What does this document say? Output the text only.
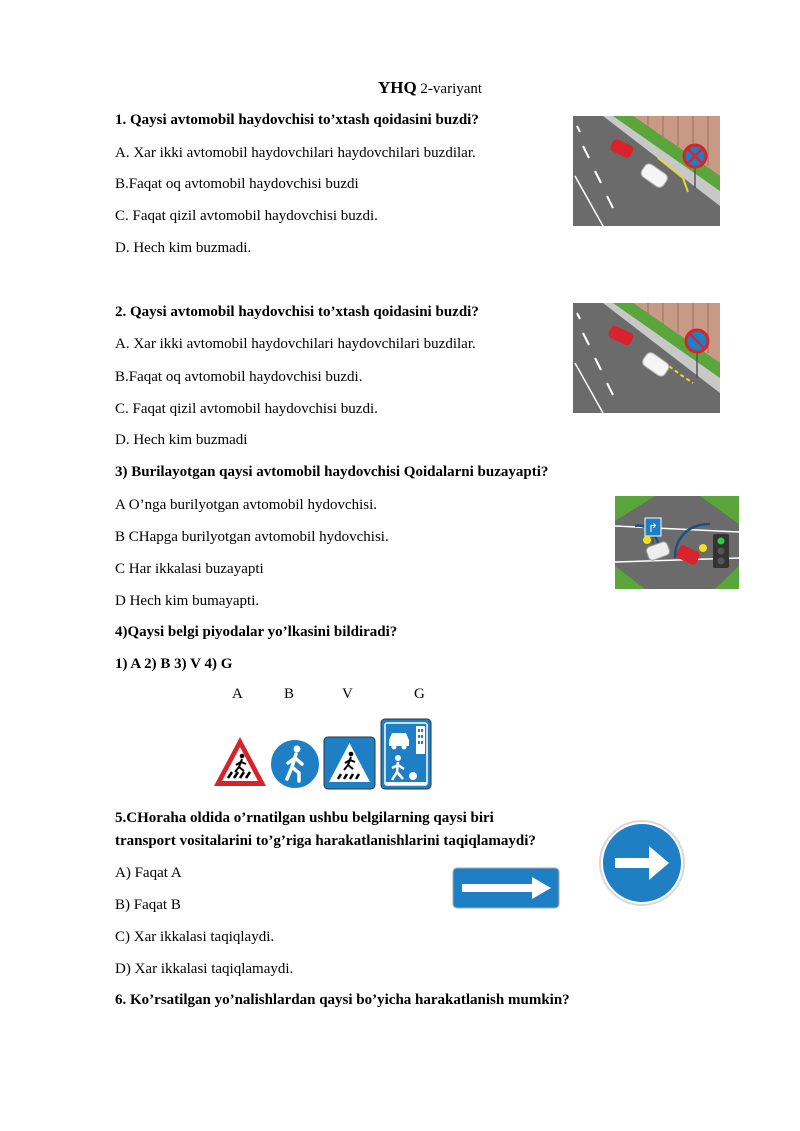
YHQ 2-variyant
1. Qaysi avtomobil haydovchisi to’xtash qoidasini buzdi?
A. Xar ikki avtomobil haydovchilari haydovchilari buzdilar.
B.Faqat oq avtomobil haydovchisi buzdi
C. Faqat qizil avtomobil haydovchisi buzdi.
D. Hech kim buzmadi.
2. Qaysi avtomobil haydovchisi to’xtash qoidasini buzdi?
A. Xar ikki avtomobil haydovchilari haydovchilari buzdilar.
B.Faqat oq avtomobil haydovchisi buzdi.
C. Faqat qizil avtomobil haydovchisi buzdi.
D. Hech kim buzmadi
3) Burilayotgan qaysi avtomobil haydovchisi Qoidalarni buzayapti?
A O’nga burilyotgan avtomobil hydovchisi.
B CHapga burilyotgan avtomobil hydovchisi.
C Har ikkalasi buzayapti
D Hech kim bumayapti.
↱
4)Qaysi belgi piyodalar yo’lkasini bildiradi?
1) A 2) B 3) V 4) G
A	B	V	G
5.CHoraha oldida o’rnatilgan ushbu belgilarning qaysi biri
transport vositalarini to’g’riga harakatlanishlarini taqiqlamaydi?
A) Faqat A
B) Faqat B
C) Xar ikkalasi taqiqlaydi.
D) Xar ikkalasi taqiqlamaydi.
6. Ko’rsatilgan yo’nalishlardan qaysi bo’yicha harakatlanish mumkin?
